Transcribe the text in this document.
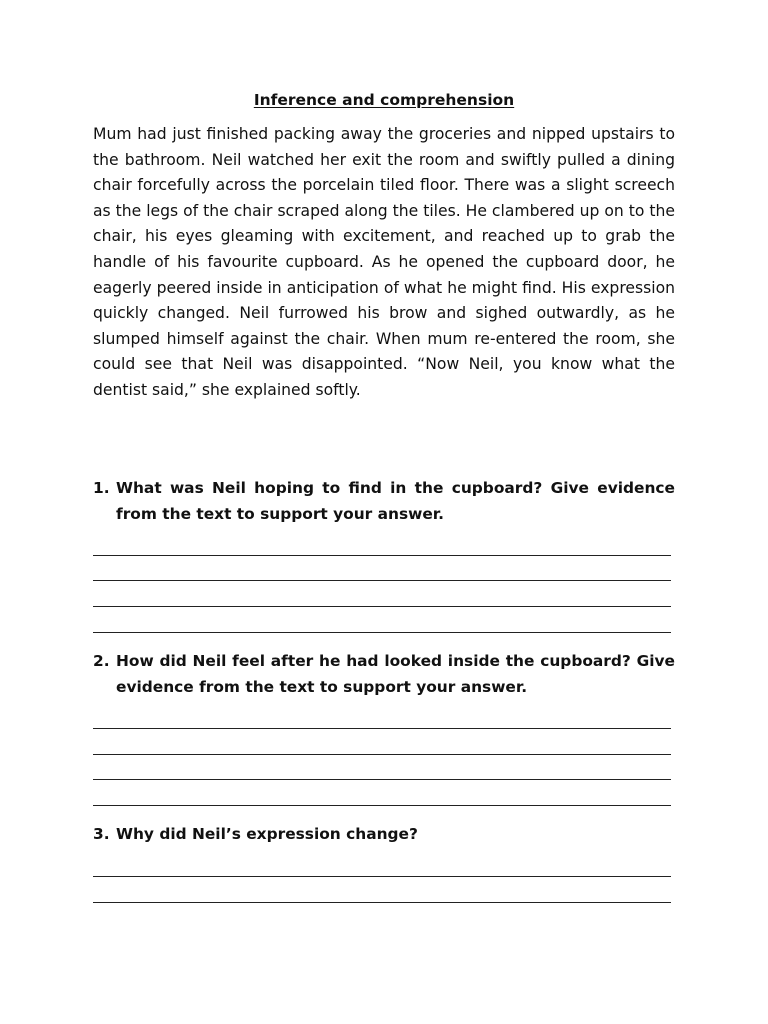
Inference and comprehension
Mum had just finished packing away the groceries and nipped upstairs to the bathroom. Neil watched her exit the room and swiftly pulled a dining chair forcefully across the porcelain tiled floor. There was a slight screech as the legs of the chair scraped along the tiles. He clambered up on to the chair, his eyes gleaming with excitement, and reached up to grab the handle of his favourite cupboard. As he opened the cupboard door, he eagerly peered inside in anticipation of what he might find. His expression quickly changed. Neil furrowed his brow and sighed outwardly, as he slumped himself against the chair. When mum re-entered the room, she could see that Neil was disappointed. “Now Neil, you know what the dentist said,” she explained softly.
1. What was Neil hoping to find in the cupboard? Give evidence from the text to support your answer.
2. How did Neil feel after he had looked inside the cupboard? Give evidence from the text to support your answer.
3. Why did Neil’s expression change?
